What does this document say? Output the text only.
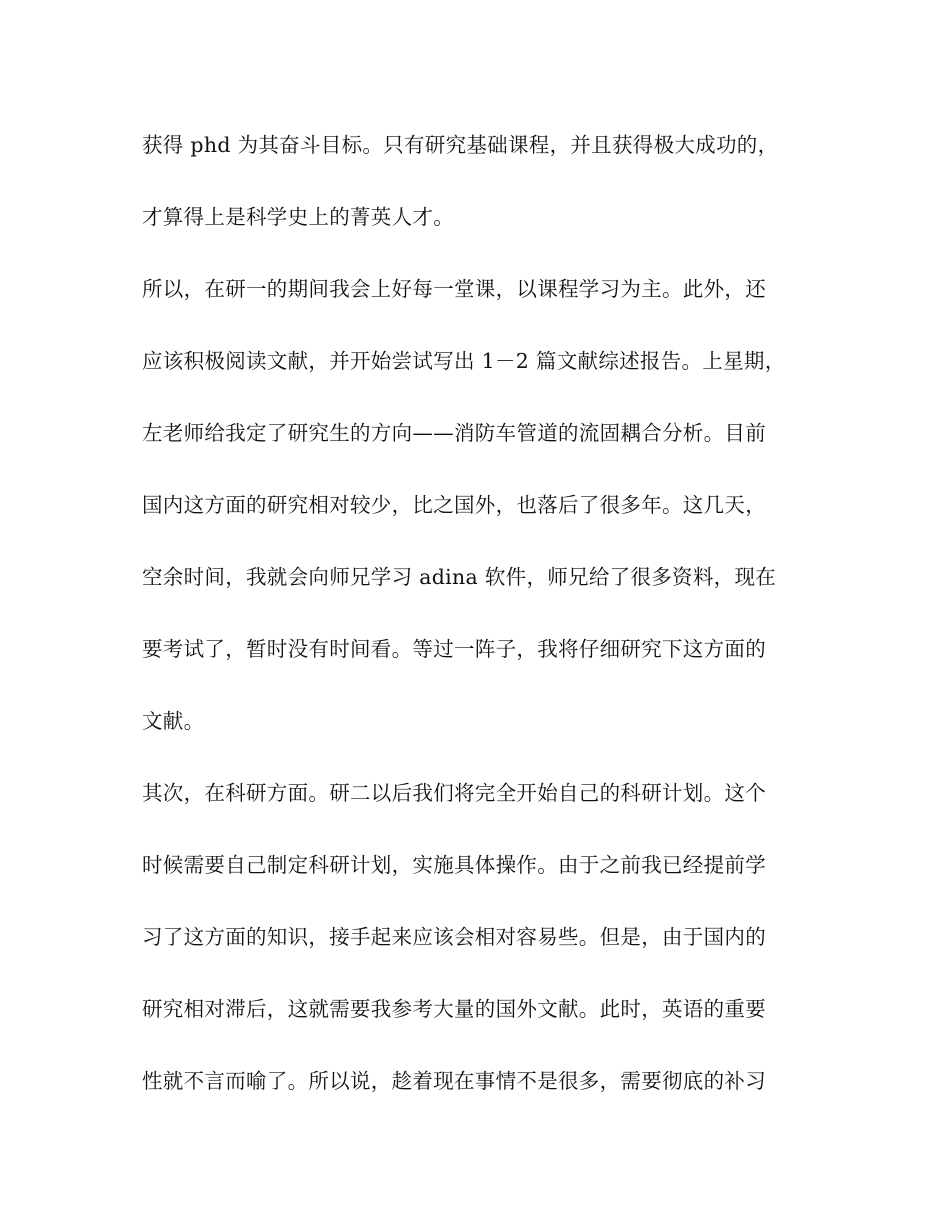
获得 phd 为其奋斗目标。只有研究基础课程，并且获得极大成功的，
才算得上是科学史上的菁英人才。
所以，在研一的期间我会上好每一堂课，以课程学习为主。此外，还
应该积极阅读文献，并开始尝试写出 1－2 篇文献综述报告。上星期，
左老师给我定了研究生的方向——消防车管道的流固耦合分析。目前
国内这方面的研究相对较少，比之国外，也落后了很多年。这几天，
空余时间，我就会向师兄学习 adina 软件，师兄给了很多资料，现在
要考试了，暂时没有时间看。等过一阵子，我将仔细研究下这方面的
文献。
其次，在科研方面。研二以后我们将完全开始自己的科研计划。这个
时候需要自己制定科研计划，实施具体操作。由于之前我已经提前学
习了这方面的知识，接手起来应该会相对容易些。但是，由于国内的
研究相对滞后，这就需要我参考大量的国外文献。此时，英语的重要
性就不言而喻了。所以说，趁着现在事情不是很多，需要彻底的补习
